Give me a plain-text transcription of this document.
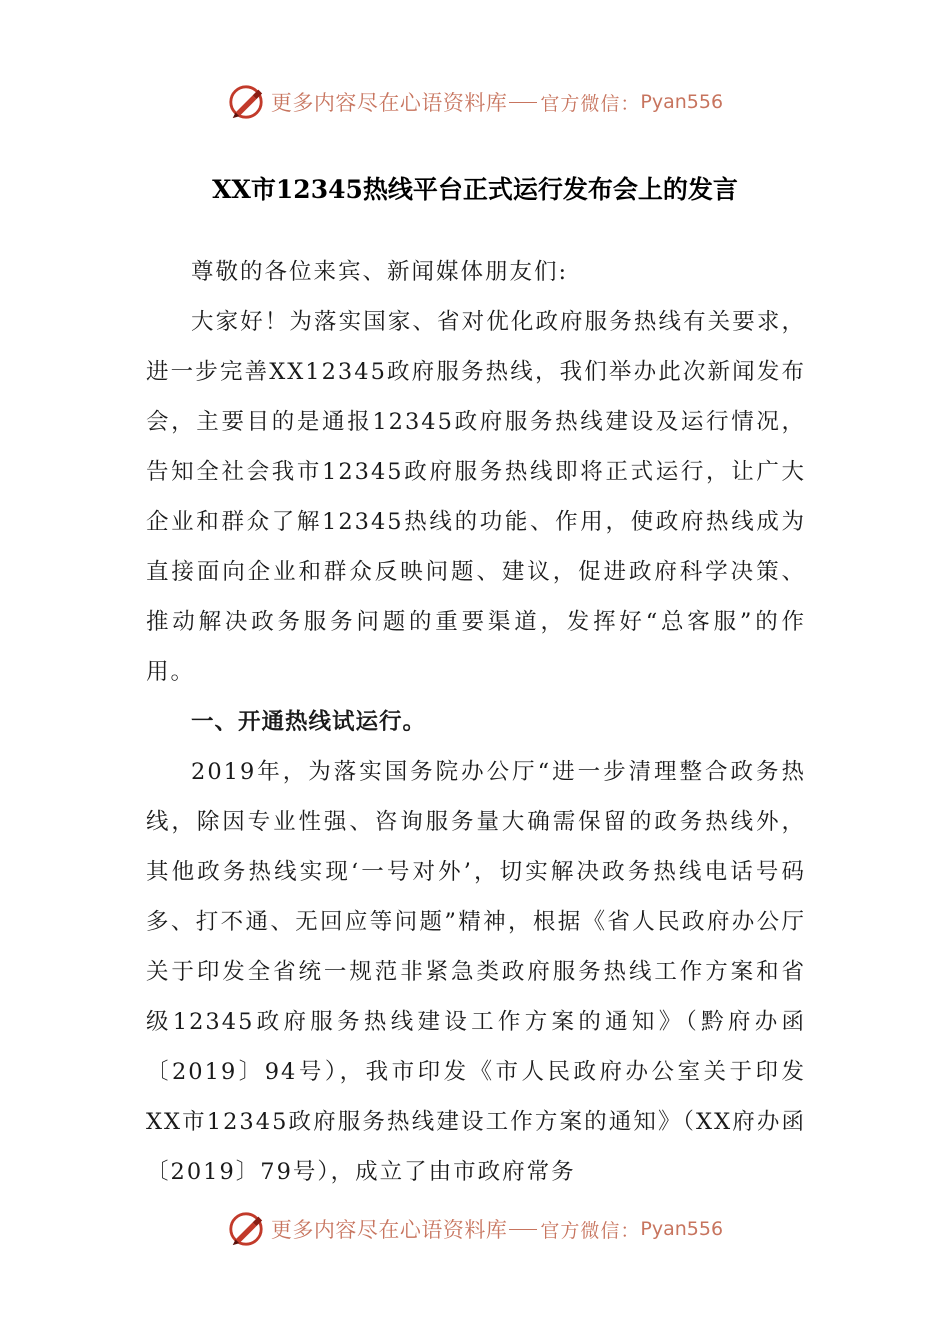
更多内容尽在心语资料库 官方微信： Pyan556
XX市12345热线平台正式运行发布会上的发言

尊敬的各位来宾、新闻媒体朋友们:

大家好！为落实国家、省对优化政府服务热线有关要求，进一步完善XX12345政府服务热线，我们举办此次新闻发布会，主要目的是通报12345政府服务热线建设及运行情况，告知全社会我市12345政府服务热线即将正式运行，让广大企业和群众了解12345热线的功能、作用，使政府热线成为直接面向企业和群众反映问题、建议，促进政府科学决策、推动解决政务服务问题的重要渠道，发挥好“总客服”的作用。

一、开通热线试运行。

2019年，为落实国务院办公厅“进一步清理整合政务热线，除因专业性强、咨询服务量大确需保留的政务热线外，其他政务热线实现‘一号对外’，切实解决政务热线电话号码多、打不通、无回应等问题”精神，根据《省人民政府办公厅关于印发全省统一规范非紧急类政府服务热线工作方案和省级12345政府服务热线建设工作方案的通知》（黔府办函〔2019〕94号），我市印发《市人民政府办公室关于印发XX市12345政府服务热线建设工作方案的通知》（XX府办函〔2019〕79号），成立了由市政府常务

更多内容尽在心语资料库 官方微信： Pyan556
